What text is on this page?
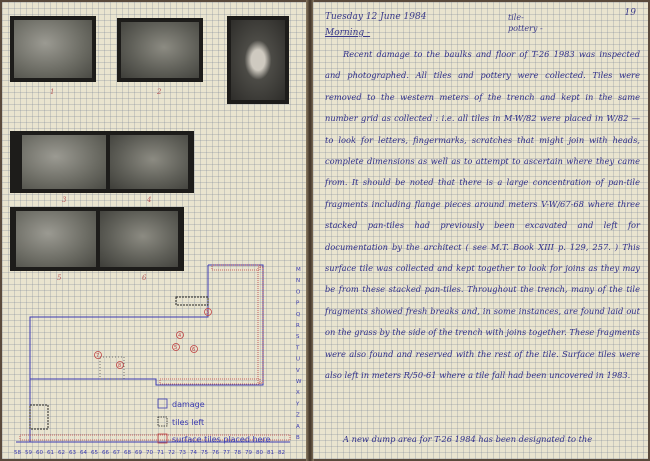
1	2
3	4
5	6
3
4
5	6
7
8
damage
tiles left
surface tiles placed here
M
N
O
P
Q
R
S
T
U
V
W
X
Y
Z
A
B
58 59 60 61 62 63 64 65 66 67 68 69 70 71 72 73 74 75 76 77 78 79 80 81 82
19
Tuesday 12 June 1984	tile-
pottery -
Morning -

Recent damage to the baulks and floor of T-26 1983 was inspected and photographed. All tiles and pottery were collected. Tiles were removed to the western meters of the trench and kept in the same number grid as collected : i.e. all tiles in M-W/82 were placed in W/82 — to look for letters, fingermarks, scratches that might join with heads, complete dimensions as well as to attempt to ascertain where they came from. It should be noted that there is a large concentration of pan-tile fragments including flange pieces around meters V-W/67-68 where three stacked pan-tiles had previously been excavated and left for documentation by the architect ( see M.T. Book XIII p. 129, 257. ) This surface tile was collected and kept together to look for joins as they may be from these stacked pan-tiles. Throughout the trench, many of the tile fragments showed fresh breaks and, in some instances, are found laid out on the grass by the side of the trench with joins together. These fragments were also found and reserved with the rest of the tile. Surface tiles were also left in meters R/50-61 where a tile fall had been uncovered in 1983.

A new dump area for T-26 1984 has been designated to the
